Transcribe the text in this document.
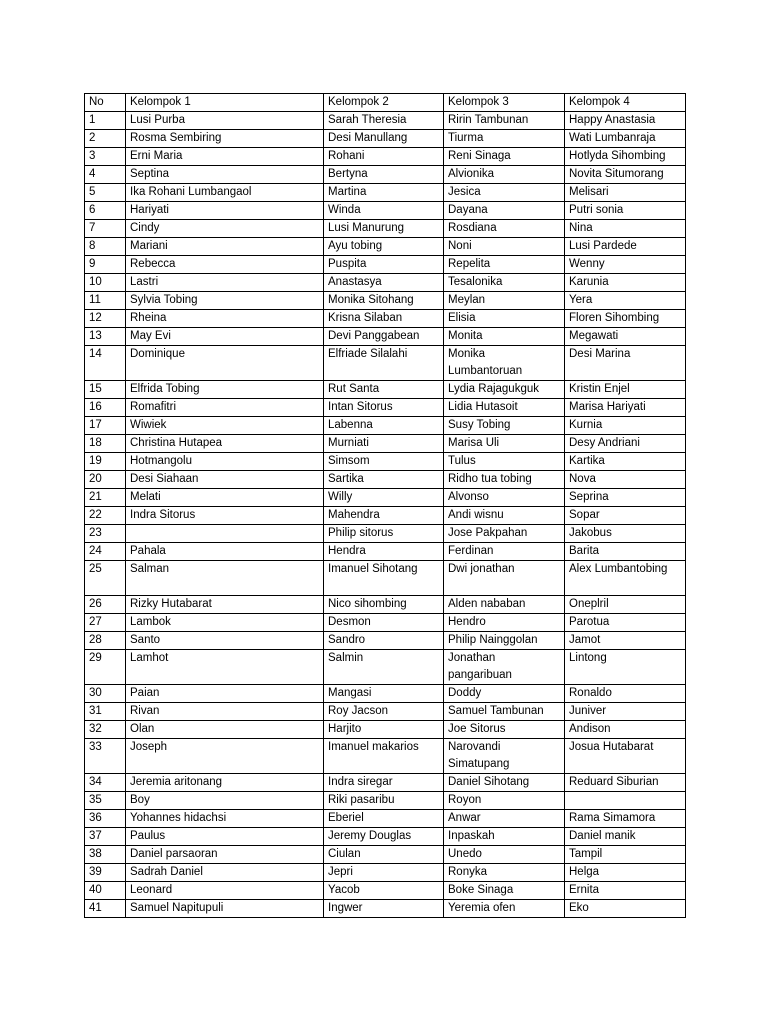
No	Kelompok 1	Kelompok 2	Kelompok 3	Kelompok 4
1	Lusi Purba	Sarah Theresia	Ririn Tambunan	Happy Anastasia
2	Rosma Sembiring	Desi Manullang	Tiurma	Wati Lumbanraja
3	Erni Maria	Rohani	Reni Sinaga	Hotlyda Sihombing
4	Septina	Bertyna	Alvionika	Novita Situmorang
5	Ika Rohani Lumbangaol	Martina	Jesica	Melisari
6	Hariyati	Winda	Dayana	Putri sonia
7	Cindy	Lusi Manurung	Rosdiana	Nina
8	Mariani	Ayu tobing	Noni	Lusi Pardede
9	Rebecca	Puspita	Repelita	Wenny
10	Lastri	Anastasya	Tesalonika	Karunia
11	Sylvia Tobing	Monika Sitohang	Meylan	Yera
12	Rheina	Krisna Silaban	Elisia	Floren Sihombing
13	May Evi	Devi Panggabean	Monita	Megawati
14	Dominique	Elfriade Silalahi	Monika Lumbantoruan	Desi Marina
15	Elfrida Tobing	Rut Santa	Lydia Rajagukguk	Kristin Enjel
16	Romafitri	Intan Sitorus	Lidia Hutasoit	Marisa Hariyati
17	Wiwiek	Labenna	Susy Tobing	Kurnia
18	Christina Hutapea	Murniati	Marisa Uli	Desy Andriani
19	Hotmangolu	Simsom	Tulus	Kartika
20	Desi Siahaan	Sartika	Ridho tua tobing	Nova
21	Melati	Willy	Alvonso	Seprina
22	Indra Sitorus	Mahendra	Andi wisnu	Sopar
23		Philip sitorus	Jose Pakpahan	Jakobus
24	Pahala	Hendra	Ferdinan	Barita
25	Salman	Imanuel Sihotang	Dwi jonathan	Alex Lumbantobing
26	Rizky Hutabarat	Nico sihombing	Alden nababan	Oneplril
27	Lambok	Desmon	Hendro	Parotua
28	Santo	Sandro	Philip Nainggolan	Jamot
29	Lamhot	Salmin	Jonathan pangaribuan	Lintong
30	Paian	Mangasi	Doddy	Ronaldo
31	Rivan	Roy Jacson	Samuel Tambunan	Juniver
32	Olan	Harjito	Joe Sitorus	Andison
33	Joseph	Imanuel makarios	Narovandi Simatupang	Josua Hutabarat
34	Jeremia aritonang	Indra siregar	Daniel Sihotang	Reduard Siburian
35	Boy	Riki pasaribu	Royon	
36	Yohannes hidachsi	Eberiel	Anwar	Rama Simamora
37	Paulus	Jeremy Douglas	Inpaskah	Daniel manik
38	Daniel parsaoran	Ciulan	Unedo	Tampil
39	Sadrah Daniel	Jepri	Ronyka	Helga
40	Leonard	Yacob	Boke Sinaga	Ernita
41	Samuel Napitupuli	Ingwer	Yeremia ofen	Eko
